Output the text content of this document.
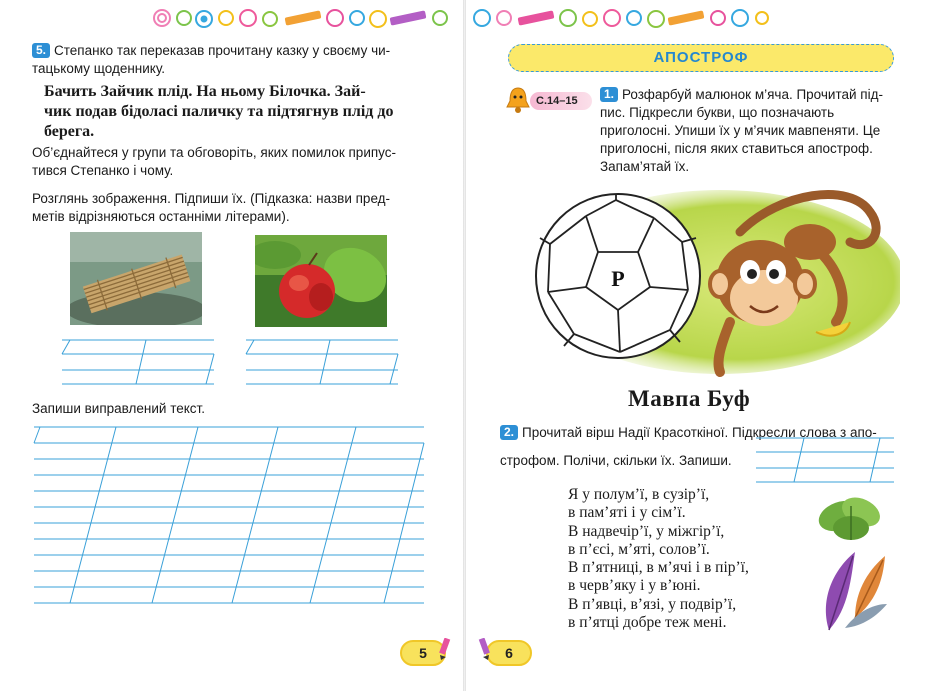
5. Степанко так переказав прочитану казку у своєму чи-
тацькому щоденнику.
Бачить Зайчик плід. На ньому Білочка. Зай-
чик подав бідоласі паличку та підтягнув плід до
берега.
Об’єднайтеся у групи та обговоріть, яких помилок припус-
тився Степанко і чому.
Розглянь зображення. Підпиши їх. (Підказка: назви пред-
метів відрізняються останніми літерами).
Запиши виправлений текст.
5
АПОСТРОФ
С.14–15	1. Розфарбуй малюнок м’яча. Прочитай під-
пис. Підкресли букви, що позначають
приголосні. Упиши їх у м’ячик мавпеняти. Це
приголосні, після яких ставиться апостроф.
Запам’ятай їх.
Р
Мавпа Буф
2. Прочитай вірш Надії Красоткіної. Підкресли слова з апо-
строфом. Полічи, скільки їх. Запиши.
Я у полум’ї, в сузір’ї,
в пам’яті і у сім’ї.
В надвечір’ї, у міжгір’ї,
в п’єсі, м’яті, солов’ї.
В п’ятниці, в м’ячі і в пір’ї,
в черв’яку і у в’юні.
В п’явці, в’язі, у подвір’ї,
в п’ятці добре теж мені.
6
